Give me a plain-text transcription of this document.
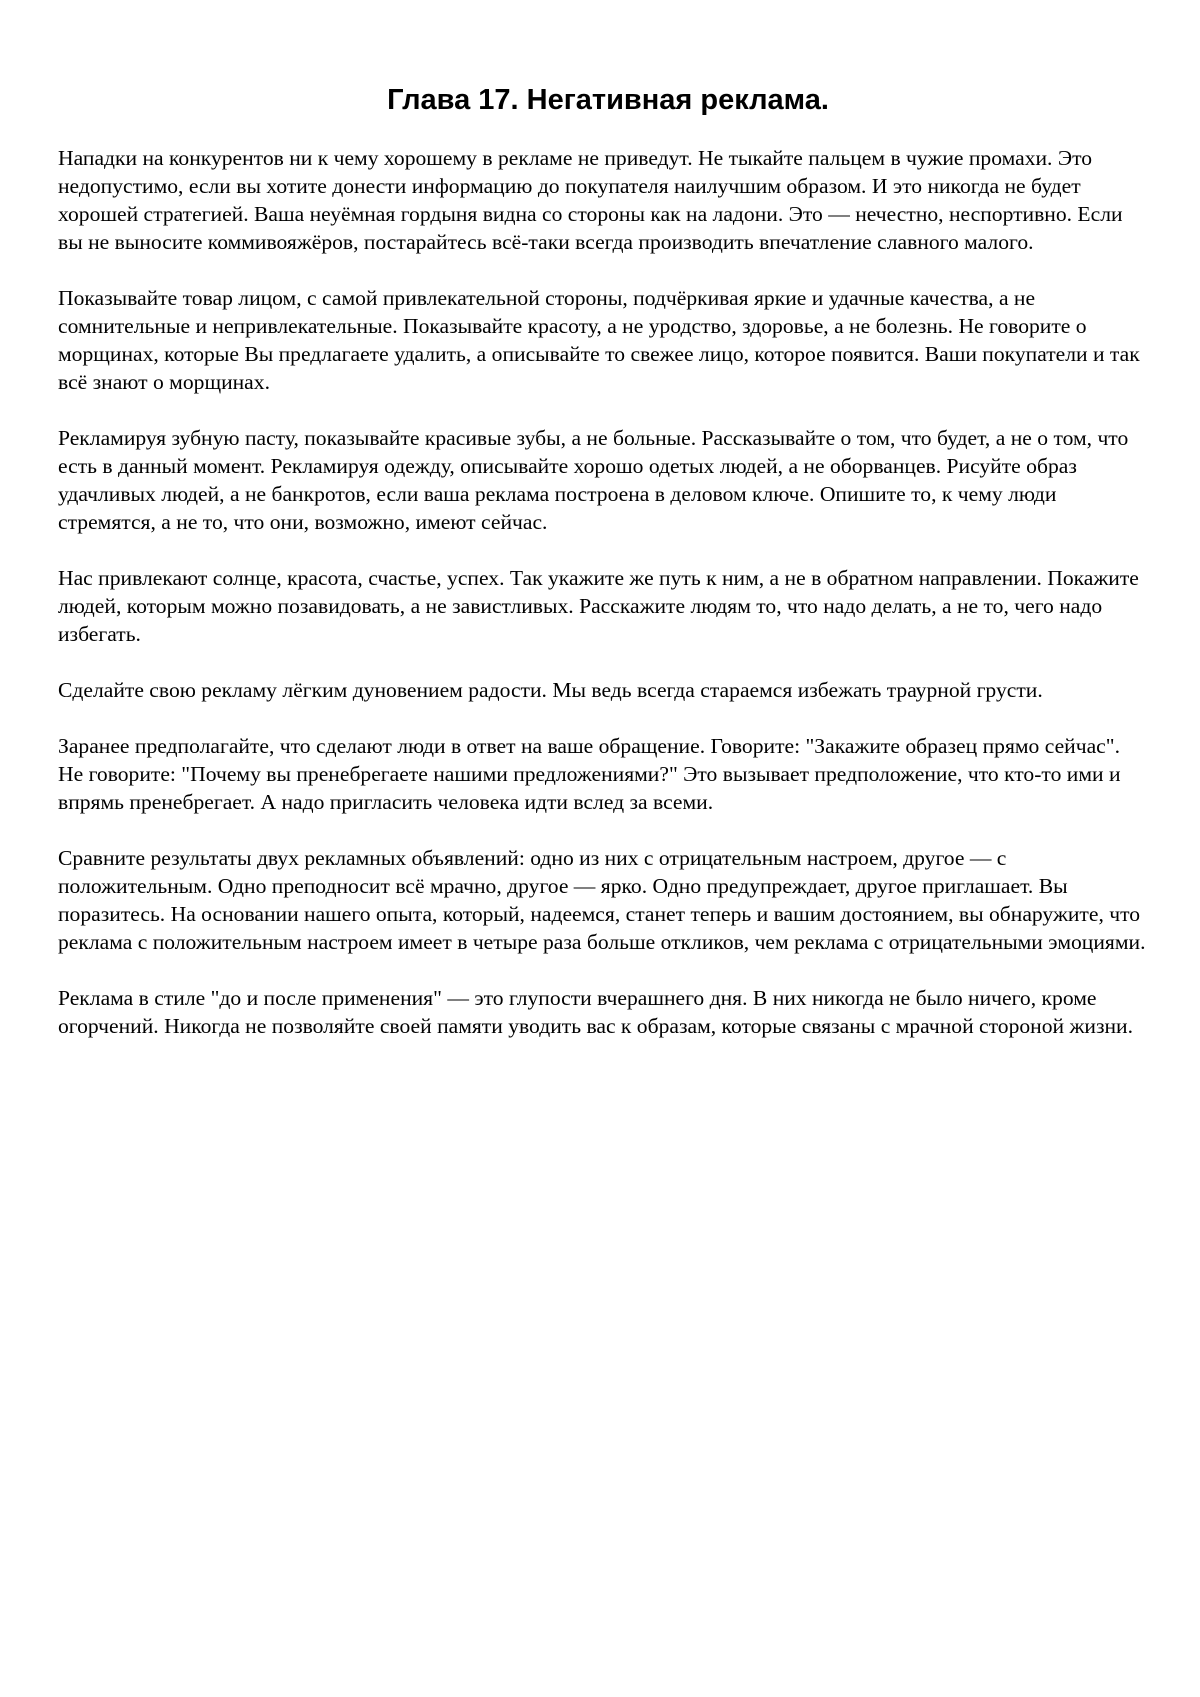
Глава 17. Негативная реклама.

Нападки на конкурентов ни к чему хорошему в рекламе не приведут. Не тыкайте пальцем в чужие промахи. Это недопустимо, если вы хотите донести информацию до покупателя наилучшим образом. И это никогда не будет хорошей стратегией. Ваша неуёмная гордыня видна со стороны как на ладони. Это — нечестно, неспортивно. Если вы не выносите коммивояжёров, постарайтесь всё-таки всегда производить впечатление славного малого.

Показывайте товар лицом, с самой привлекательной стороны, подчёркивая яркие и удачные качества, а не сомнительные и непривлекательные. Показывайте красоту, а не уродство, здоровье, а не болезнь. Не говорите о морщинах, которые Вы предлагаете удалить, а описывайте то свежее лицо, которое появится. Ваши покупатели и так всё знают о морщинах.

Рекламируя зубную пасту, показывайте красивые зубы, а не больные. Рассказывайте о том, что будет, а не о том, что есть в данный момент. Рекламируя одежду, описывайте хорошо одетых людей, а не оборванцев. Рисуйте образ удачливых людей, а не банкротов, если ваша реклама построена в деловом ключе. Опишите то, к чему люди стремятся, а не то, что они, возможно, имеют сейчас.

Нас привлекают солнце, красота, счастье, успех. Так укажите же путь к ним, а не в обратном направлении. Покажите людей, которым можно позавидовать, а не завистливых. Расскажите людям то, что надо делать, а не то, чего надо избегать.

Сделайте свою рекламу лёгким дуновением радости. Мы ведь всегда стараемся избежать траурной грусти.

Заранее предполагайте, что сделают люди в ответ на ваше обращение. Говорите: "Закажите образец прямо сейчас". Не говорите: "Почему вы пренебрегаете нашими предложениями?" Это вызывает предположение, что кто-то ими и впрямь пренебрегает. А надо пригласить человека идти вслед за всеми.

Сравните результаты двух рекламных объявлений: одно из них с отрицательным настроем, другое — с положительным. Одно преподносит всё мрачно, другое — ярко. Одно предупреждает, другое приглашает. Вы поразитесь. На основании нашего опыта, который, надеемся, станет теперь и вашим достоянием, вы обнаружите, что реклама с положительным настроем имеет в четыре раза больше откликов, чем реклама с отрицательными эмоциями.

Реклама в стиле "до и после применения" — это глупости вчерашнего дня. В них никогда не было ничего, кроме огорчений. Никогда не позволяйте своей памяти уводить вас к образам, которые связаны с мрачной стороной жизни.
